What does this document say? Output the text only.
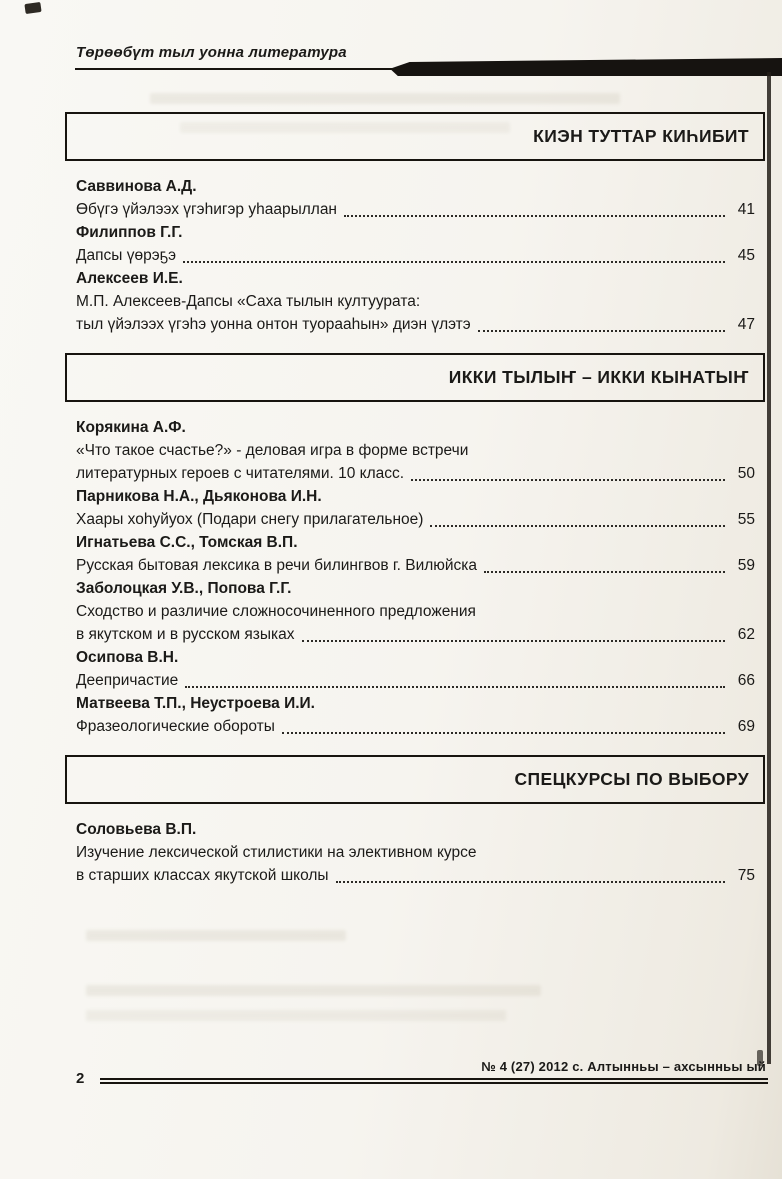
Төрөөбүт тыл уонна литература
КИЭН ТУТТАР КИҺИБИТ
Саввинова А.Д.
Өбүгэ үйэлээх үгэһигэр уһаарыллан	41
Филиппов Г.Г.
Дапсы үөрэҕэ	45
Алексеев И.Е.
М.П. Алексеев-Дапсы «Саха тылын култуурата:
тыл үйэлээх үгэһэ уонна онтон туорааһын» диэн үлэтэ	47
ИККИ ТЫЛЫҤ – ИККИ КЫНАТЫҤ
Корякина А.Ф.
«Что такое счастье?» - деловая игра в форме встречи
литературных героев с читателями. 10 класс.	50
Парникова Н.А., Дьяконова И.Н.
Хаары хоһуйуох (Подари снегу прилагательное)	55
Игнатьева С.С., Томская В.П.
Русская бытовая лексика в речи билингвов г. Вилюйска	59
Заболоцкая У.В., Попова Г.Г.
Сходство и различие сложносочиненного предложения
в якутском и в русском языках	62
Осипова В.Н.
Деепричастие	66
Матвеева Т.П., Неустроева И.И.
Фразеологические обороты	69
СПЕЦКУРСЫ ПО ВЫБОРУ
Соловьева В.П.
Изучение лексической стилистики на элективном курсе
в старших классах якутской школы	75
2
№ 4 (27) 2012 с. Алтынньы – ахсынньы ый
